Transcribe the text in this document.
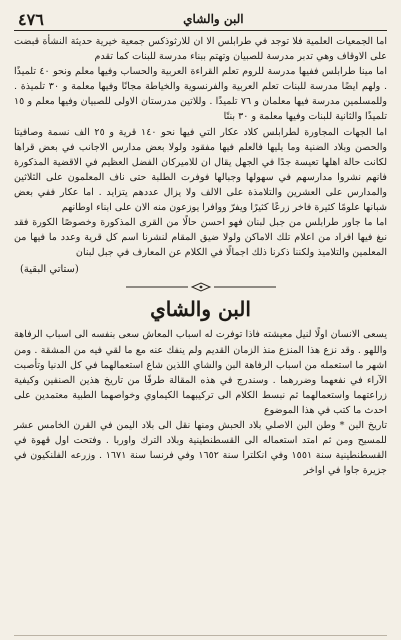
البن والشاي
٤٧٦

اما الجمعيات العلمية فلا توجد في طرابلس الا ان للارثوذكس جمعية خيرية حديثة النشأة قبضت على الاوقاف وهي تدبر مدرسة للصبيان وتهتم ببناء مدرسة للبنات كما تقدم

اما مينا طرابلس ففيها مدرسة للروم تعلم القراءة العربية والحساب وفيها معلم ونحو ٤٠ تلميذًا . ولهم ايضًا مدرسة للبنات تعلم العربية والفرنسوية والخياطة مجانًا وفيها معلمة و ٣٠ تلميذة . وللمسلمين مدرسة فيها معلمان و ٧٦ تلميذًا . وللاتين مدرستان الاولى للصبيان وفيها معلم و ١٥ تلميذًا والثانية للبنات وفيها معلمة و ٣٠ بنتًا

اما الجهات المجاورة لطرابلس كلاد عكار التي فيها نحو ١٤٠ قرية و ٢٥ الف نسمة وصافيتا والحصن وبلاد الضنية وما يليها فالعلم فيها مفقود ولولا بعض مدارس الاجانب في بعض قراها لكانت حالة اهلها تعيسة جدًا في الجهل يقال ان للاميركان الفضل العظيم في الاقضية المذكورة فانهم نشروا مدارسهم في سهولها وجبالها فوفرت الطلبة حتى ناف المعلمون على الثلاثين والمدارس على العشرين والتلامذة على الالف ولا يزال عددهم يتزايد . اما عكار ففي بعض شبانها علومًا كثيرة فاخر زرعًا كثيرًا ويفرّ ووافرا يوزعون منه الان على ابناء اوطانهم

اما ما جاور طرابلس من جبل لبنان فهو احسن حالًا من القرى المذكورة وخصوصًا الكورة فقد نبغ فيها افراد من اعلام تلك الاماكن ولولا ضيق المقام لنشرنا اسم كل قرية وعدد ما فيها من المعلمين والتلاميذ ولكننا ذكرنا ذلك اجمالًا في الكلام عن المعارف في جبل لبنان

(ستاتي البقية)
البن والشاي

يسعى الانسان اولًا لنيل معيشته فاذا توفرت له اسباب المعاش سعى بنفسه الى اسباب الرفاهة واللهو . وقد نزع هذا المنزع منذ الزمان القديم ولم ينفك عنه مع ما لقي فيه من المشقة . ومن اشهر ما استعمله من اسباب الرفاهة البن والشاي اللذين شاع استعمالهما في كل الدنيا وتأصبت الآراء في نفعهما وضررهما . وسندرج في هذه المقالة طرفًا من تاريخ هذين الصنفين وكيفية زراعتهما واستعمالهما ثم نبسط الكلام الى تركيبهما الكيماوي وخواصهما الطبية معتمدين على احدث ما كتب في هذا الموضوع

تاريخ البن * وطن البن الاصلي بلاد الحبش ومنها نقل الى بلاد اليمن في القرن الخامس عشر للمسيح ومن ثم امتد استعماله الى القسطنطينية وبلاد الترك واوربا . وفتحت اول قهوة في القسطنطينية سنة ١٥٥١ وفي انكلترا سنة ١٦٥٢ وفي فرنسا سنة ١٦٧١ . وزرعه الفلنكيون في جزيرة جاوا في اواخر
